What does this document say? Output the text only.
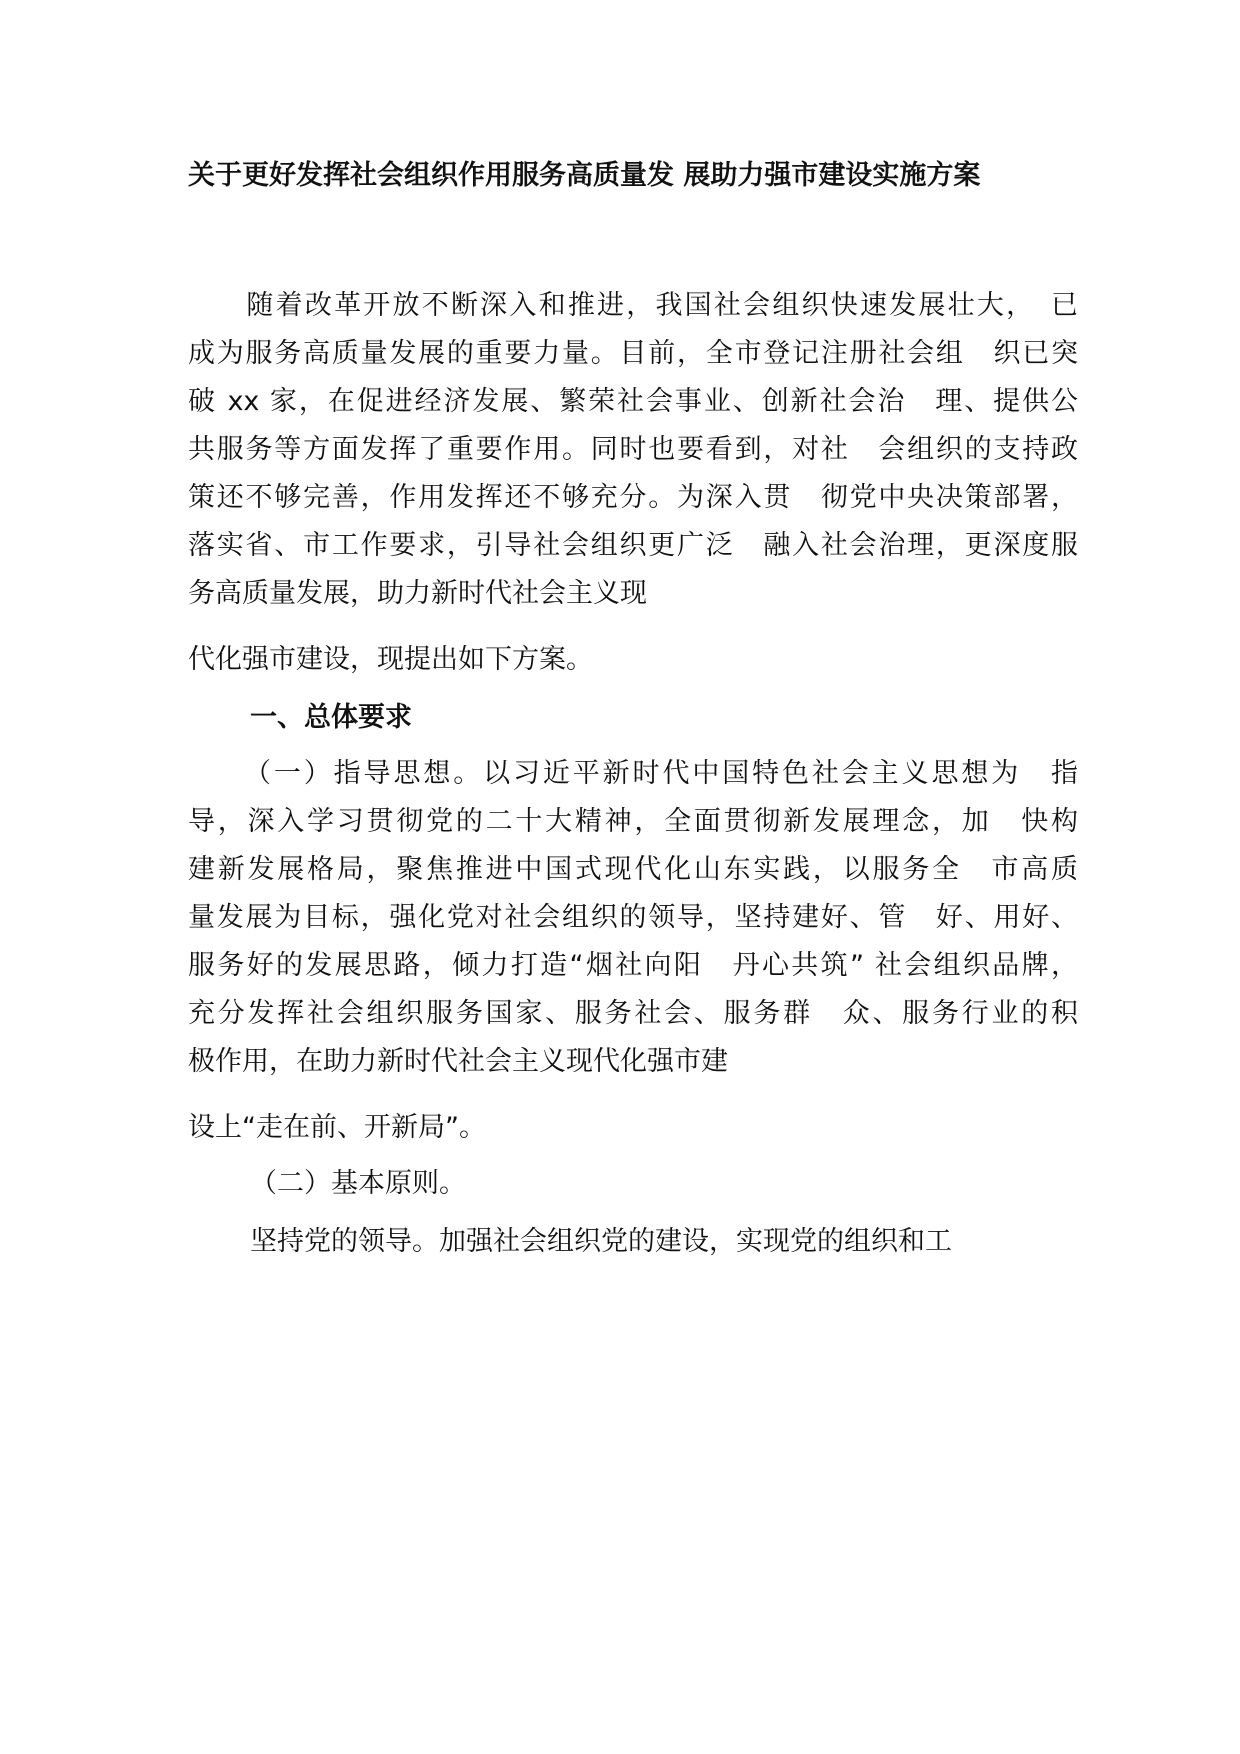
关于更好发挥社会组织作用服务高质量发 展助力强市建设实施方案
　　随着改革开放不断深入和推进，我国社会组织快速发展壮大，　已
成为服务高质量发展的重要力量。目前，全市登记注册社会组　织已突
破 xx 家，在促进经济发展、繁荣社会事业、创新社会治　理、提供公
共服务等方面发挥了重要作用。同时也要看到，对社　会组织的支持政
策还不够完善，作用发挥还不够充分。为深入贯　彻党中央决策部署，
落实省、市工作要求，引导社会组织更广泛　融入社会治理，更深度服
务高质量发展，助力新时代社会主义现
代化强市建设，现提出如下方案。
一、总体要求
（一）指导思想。以习近平新时代中国特色社会主义思想为　指
导，深入学习贯彻党的二十大精神，全面贯彻新发展理念，加　快构
建新发展格局，聚焦推进中国式现代化山东实践，以服务全　市高质
量发展为目标，强化党对社会组织的领导，坚持建好、管　好、用好、
服务好的发展思路，倾力打造“烟社向阳　丹心共筑” 社会组织品牌，
充分发挥社会组织服务国家、服务社会、服务群　众、服务行业的积
极作用，在助力新时代社会主义现代化强市建
设上“走在前、开新局”。
（二）基本原则。
坚持党的领导。加强社会组织党的建设，实现党的组织和工
